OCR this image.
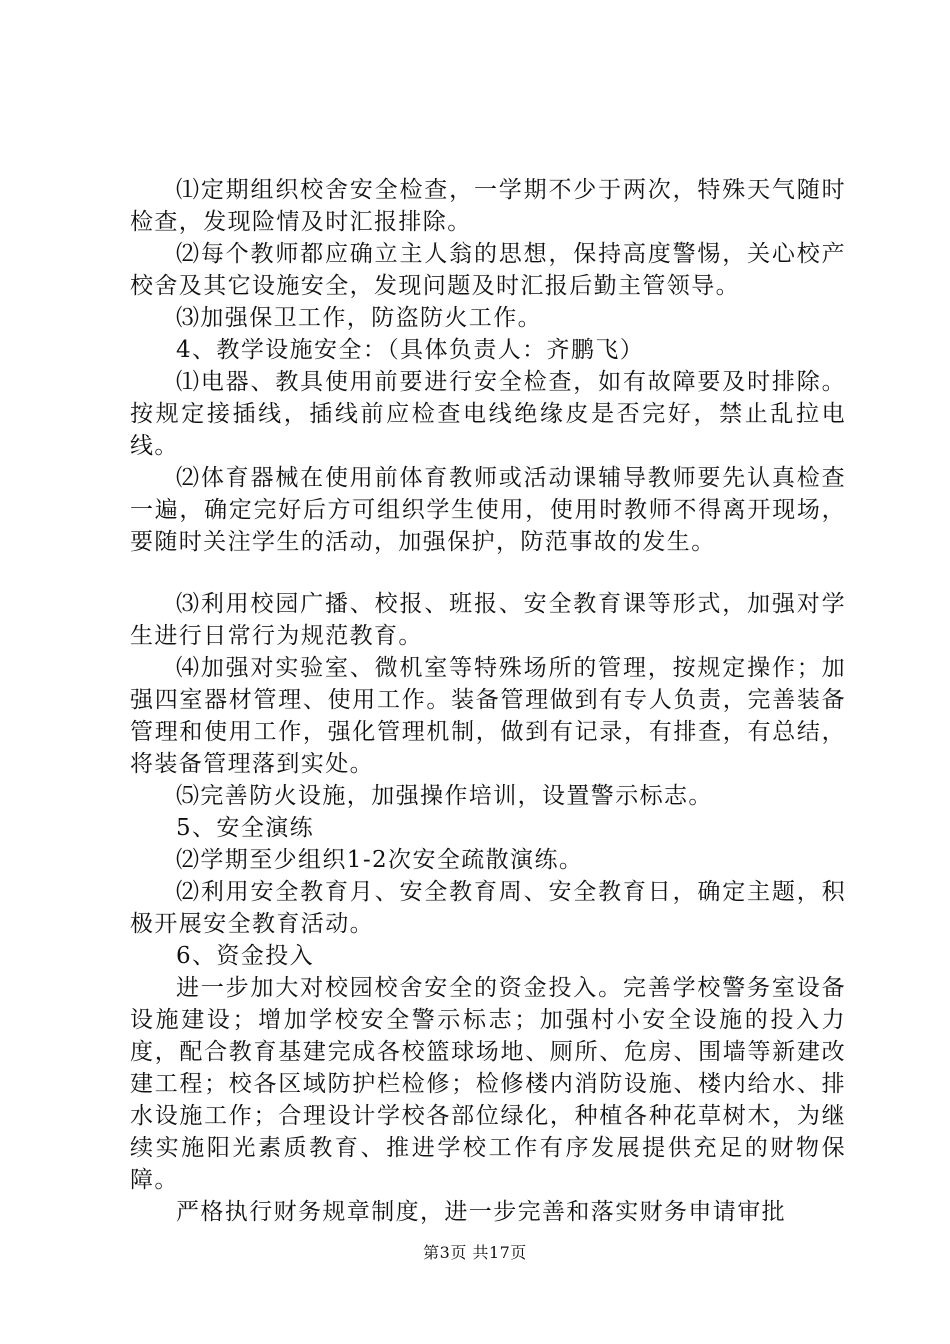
⑴定期组织校舍安全检查，一学期不少于两次，特殊天气随时检查，发现险情及时汇报排除。

⑵每个教师都应确立主人翁的思想，保持高度警惕，关心校产校舍及其它设施安全，发现问题及时汇报后勤主管领导。

⑶加强保卫工作，防盗防火工作。

4、教学设施安全：（具体负责人：齐鹏飞）

⑴电器、教具使用前要进行安全检查，如有故障要及时排除。按规定接插线，插线前应检查电线绝缘皮是否完好，禁止乱拉电线。

⑵体育器械在使用前体育教师或活动课辅导教师要先认真检查一遍，确定完好后方可组织学生使用，使用时教师不得离开现场，要随时关注学生的活动，加强保护，防范事故的发生。

⑶利用校园广播、校报、班报、安全教育课等形式，加强对学生进行日常行为规范教育。

⑷加强对实验室、微机室等特殊场所的管理，按规定操作；加强四室器材管理、使用工作。装备管理做到有专人负责，完善装备管理和使用工作，强化管理机制，做到有记录，有排查，有总结，将装备管理落到实处。

⑸完善防火设施，加强操作培训，设置警示标志。

5、安全演练

⑵学期至少组织1-2次安全疏散演练。

⑵利用安全教育月、安全教育周、安全教育日，确定主题，积极开展安全教育活动。

6、资金投入

进一步加大对校园校舍安全的资金投入。完善学校警务室设备设施建设；增加学校安全警示标志；加强村小安全设施的投入力度，配合教育基建完成各校篮球场地、厕所、危房、围墙等新建改建工程；校各区域防护栏检修；检修楼内消防设施、楼内给水、排水设施工作；合理设计学校各部位绿化，种植各种花草树木，为继续实施阳光素质教育、推进学校工作有序发展提供充足的财物保障。

严格执行财务规章制度，进一步完善和落实财务申请审批

第3页 共17页
